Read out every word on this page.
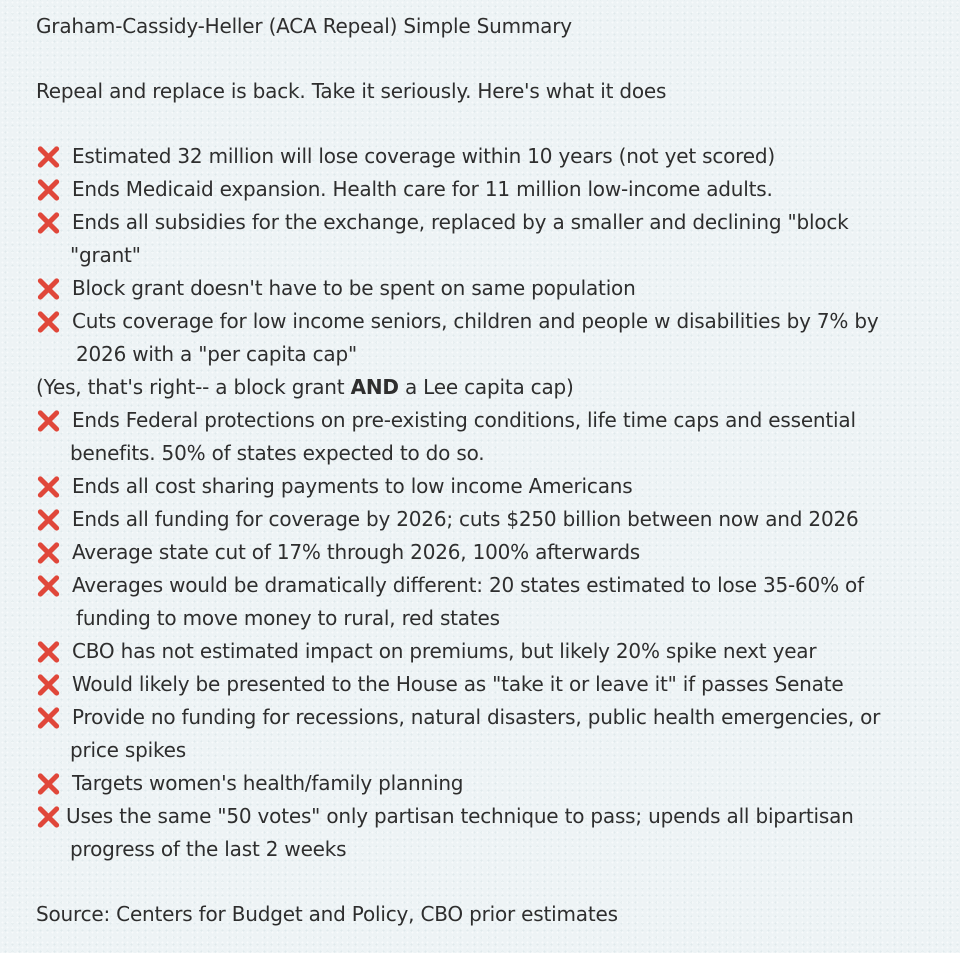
Graham-Cassidy-Heller (ACA Repeal) Simple Summary
Repeal and replace is back. Take it seriously. Here's what it does
Estimated 32 million will lose coverage within 10 years (not yet scored)
Ends Medicaid expansion. Health care for 11 million low-income adults.
Ends all subsidies for the exchange, replaced by a smaller and declining "block
"grant"
Block grant doesn't have to be spent on same population
Cuts coverage for low income seniors, children and people w disabilities by 7% by
2026 with a "per capita cap"
(Yes, that's right-- a block grant AND a Lee capita cap)
Ends Federal protections on pre-existing conditions, life time caps and essential
benefits. 50% of states expected to do so.
Ends all cost sharing payments to low income Americans
Ends all funding for coverage by 2026; cuts $250 billion between now and 2026
Average state cut of 17% through 2026, 100% afterwards
Averages would be dramatically different: 20 states estimated to lose 35-60% of
funding to move money to rural, red states
CBO has not estimated impact on premiums, but likely 20% spike next year
Would likely be presented to the House as "take it or leave it" if passes Senate
Provide no funding for recessions, natural disasters, public health emergencies, or
price spikes
Targets women's health/family planning
Uses the same "50 votes" only partisan technique to pass; upends all bipartisan
progress of the last 2 weeks
Source: Centers for Budget and Policy, CBO prior estimates
